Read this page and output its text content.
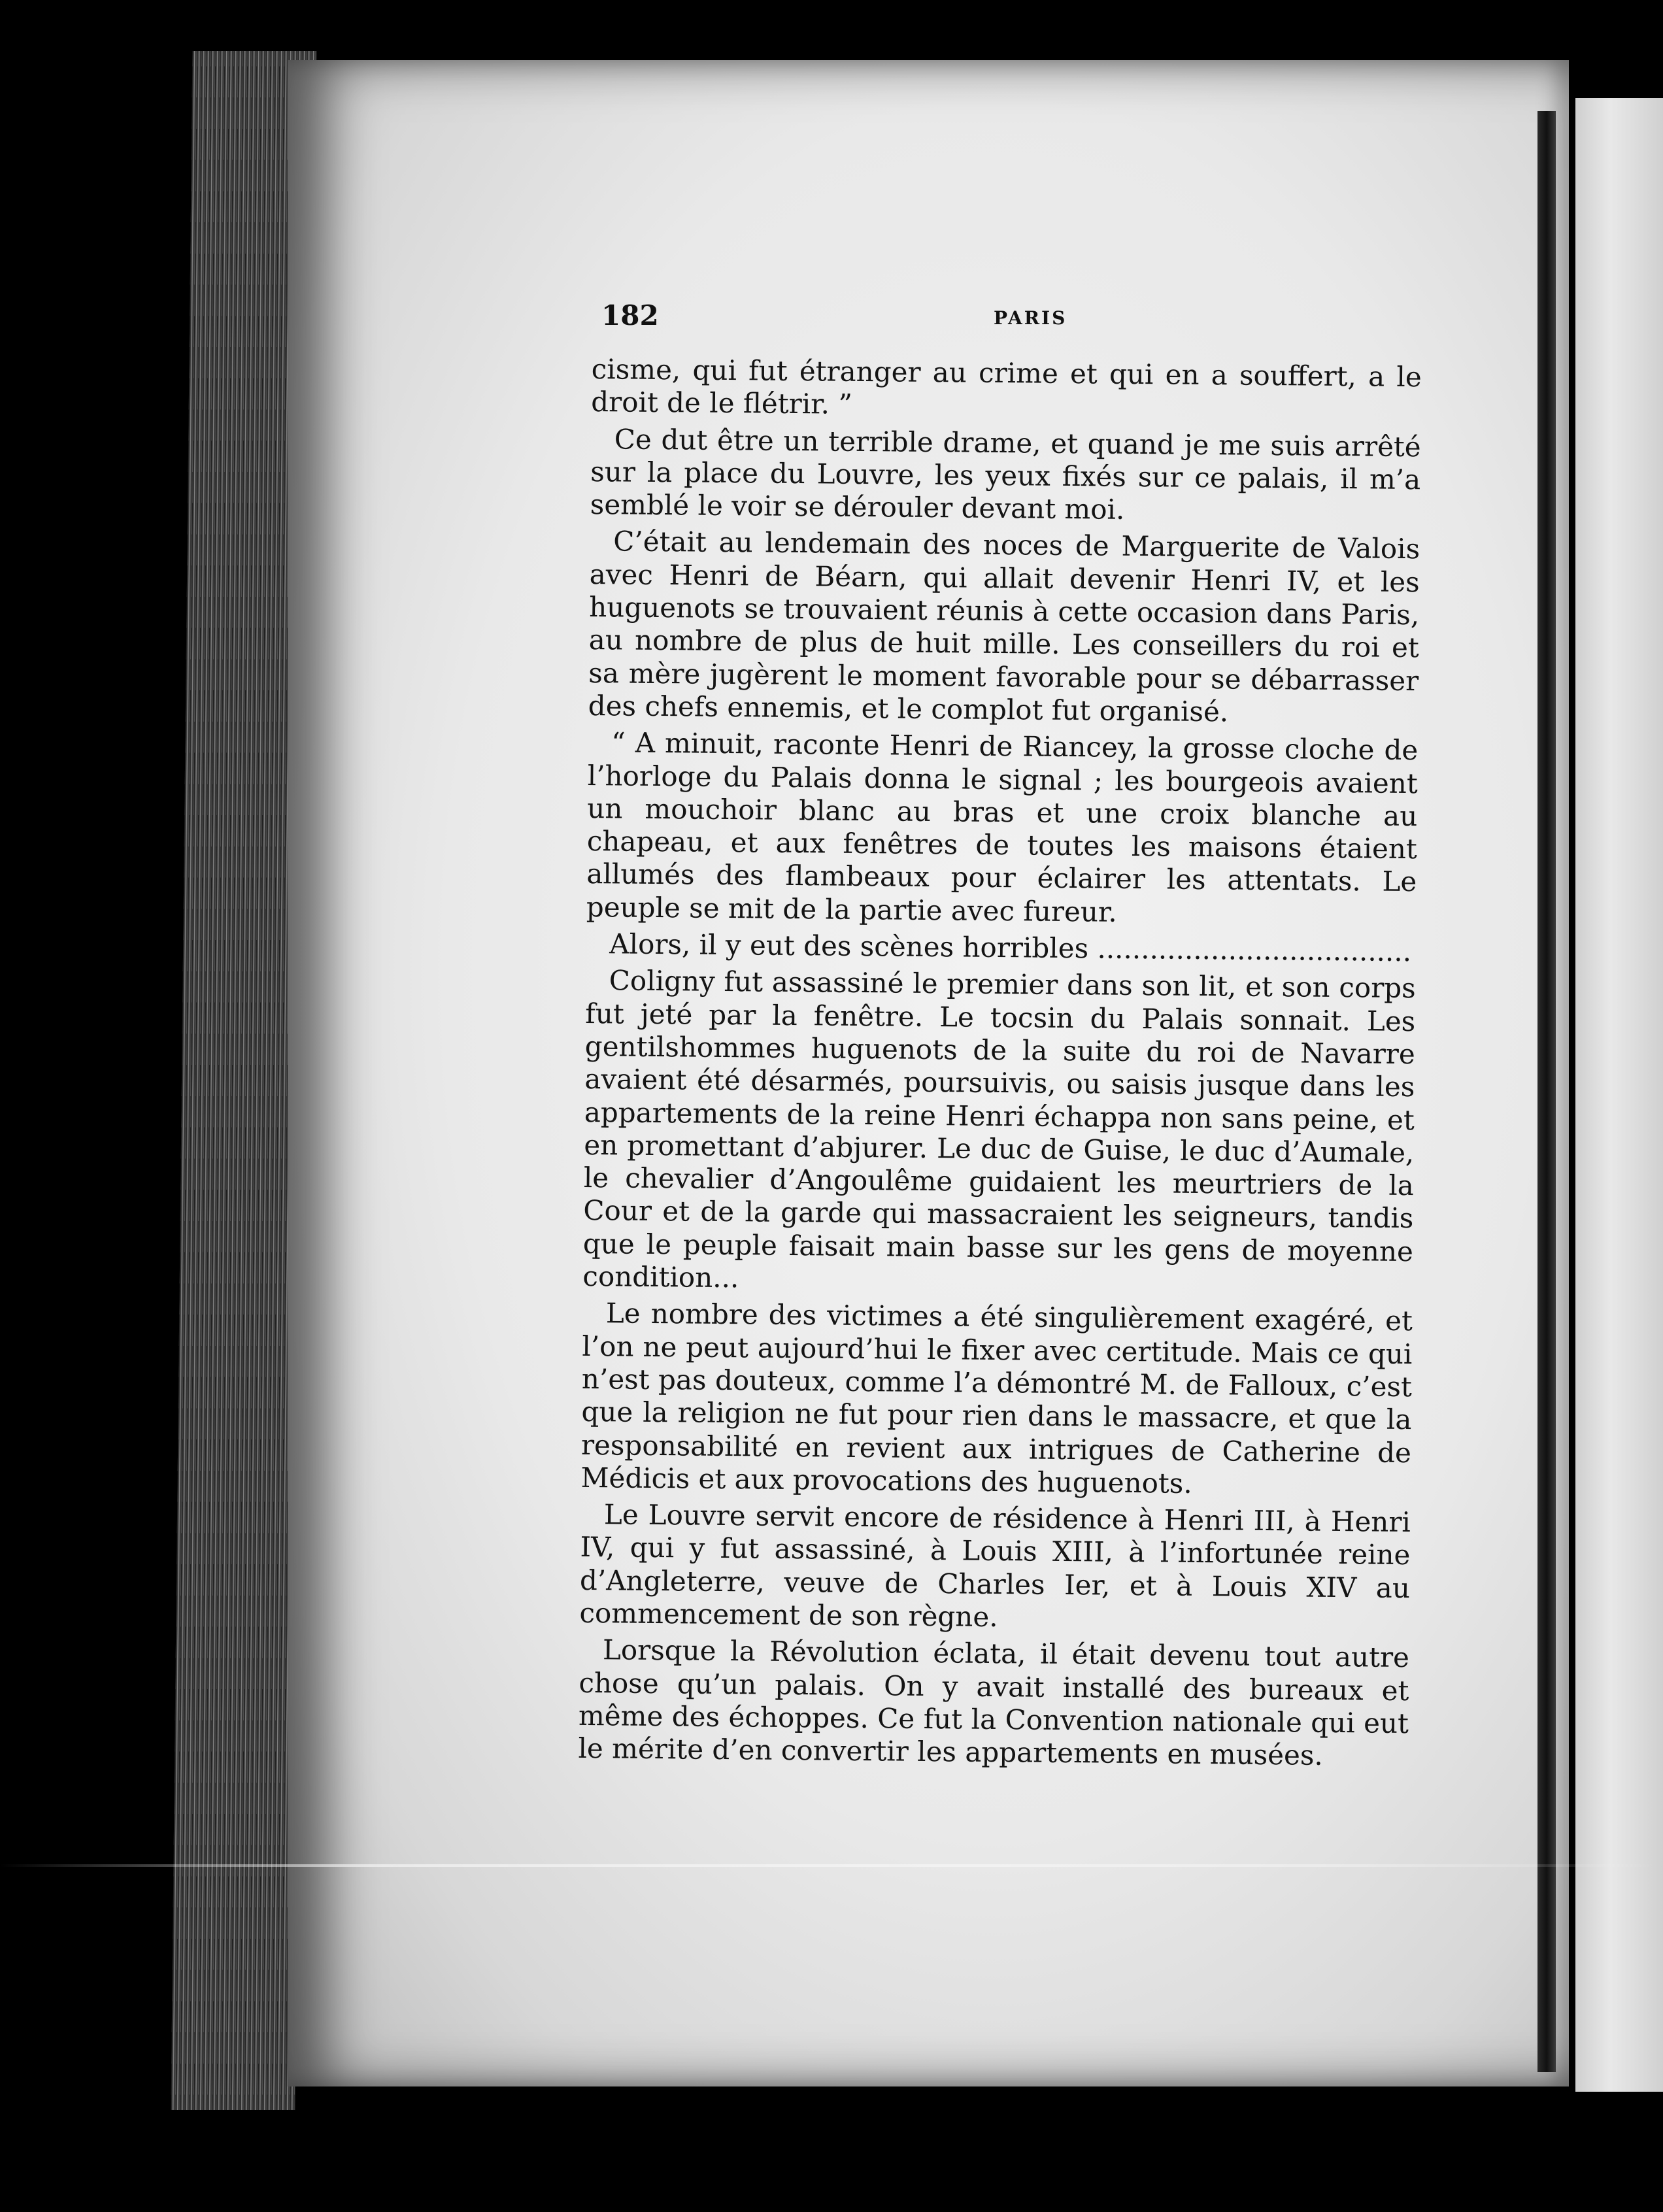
182	PARIS

cisme, qui fut étranger au crime et qui en a souffert, a le droit de le flétrir. ”

Ce dut être un terrible drame, et quand je me suis arrêté sur la place du Louvre, les yeux fixés sur ce palais, il m’a semblé le voir se dérouler devant moi.

C’était au lendemain des noces de Marguerite de Valois avec Henri de Béarn, qui allait devenir Henri IV, et les huguenots se trouvaient réunis à cette occasion dans Paris, au nombre de plus de huit mille. Les conseillers du roi et sa mère jugèrent le moment favorable pour se débarrasser des chefs ennemis, et le complot fut organisé.

“ A minuit, raconte Henri de Riancey, la grosse cloche de l’horloge du Palais donna le signal ; les bourgeois avaient un mouchoir blanc au bras et une croix blanche au chapeau, et aux fenêtres de toutes les maisons étaient allumés des flambeaux pour éclairer les attentats. Le peuple se mit de la partie avec fureur.

Alors, il y eut des scènes horribles ....................................

Coligny fut assassiné le premier dans son lit, et son corps fut jeté par la fenêtre. Le tocsin du Palais sonnait. Les gentilshommes huguenots de la suite du roi de Navarre avaient été désarmés, poursuivis, ou saisis jusque dans les appartements de la reine Henri échappa non sans peine, et en promettant d’abjurer. Le duc de Guise, le duc d’Aumale, le chevalier d’Angoulême guidaient les meurtriers de la Cour et de la garde qui massacraient les seigneurs, tandis que le peuple faisait main basse sur les gens de moyenne condition...

Le nombre des victimes a été singulièrement exagéré, et l’on ne peut aujourd’hui le fixer avec certitude. Mais ce qui n’est pas douteux, comme l’a démontré M. de Falloux, c’est que la religion ne fut pour rien dans le massacre, et que la responsabilité en revient aux intrigues de Catherine de Médicis et aux provocations des huguenots.

Le Louvre servit encore de résidence à Henri III, à Henri IV, qui y fut assassiné, à Louis XIII, à l’infortunée reine d’Angleterre, veuve de Charles Ier, et à Louis XIV au commencement de son règne.

Lorsque la Révolution éclata, il était devenu tout autre chose qu’un palais. On y avait installé des bureaux et même des échoppes. Ce fut la Convention nationale qui eut le mérite d’en convertir les appartements en musées.
